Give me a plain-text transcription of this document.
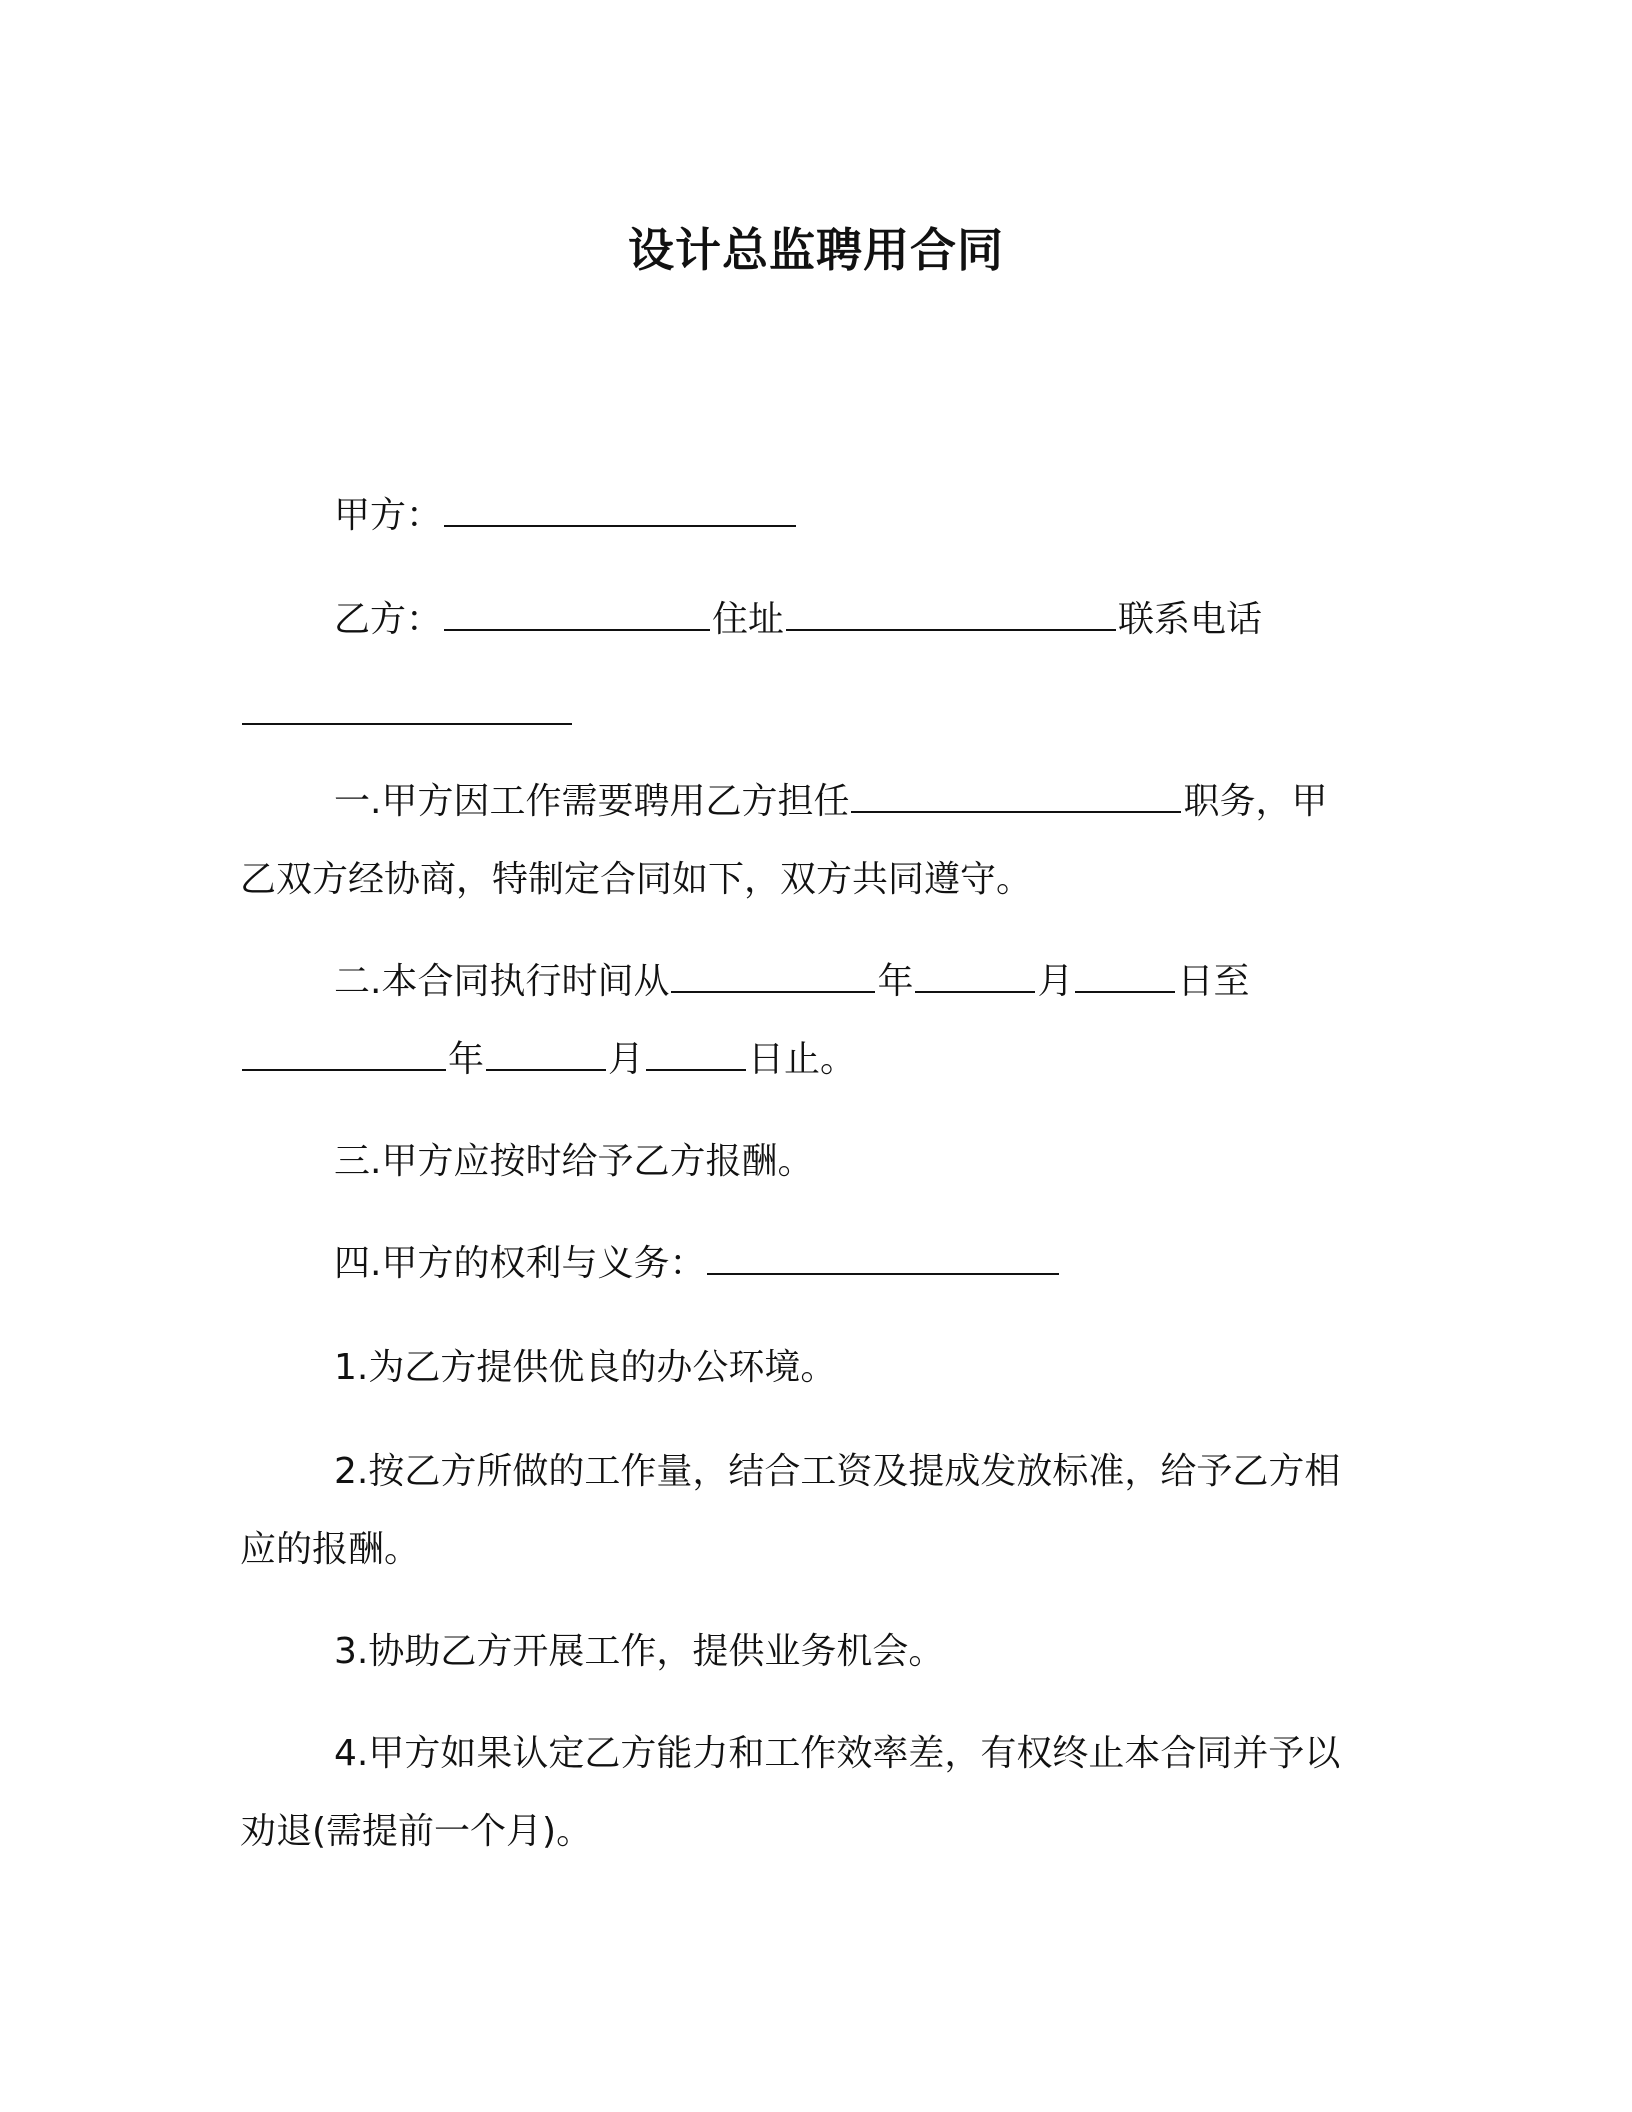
设计总监聘用合同
甲方：
乙方：	住址	联系电话
一.甲方因工作需要聘用乙方担任	职务，甲
乙双方经协商，特制定合同如下，双方共同遵守。
二.本合同执行时间从	年	月	日至
年	月	日止。
三.甲方应按时给予乙方报酬。
四.甲方的权利与义务：
1.为乙方提供优良的办公环境。
2.按乙方所做的工作量，结合工资及提成发放标准，给予乙方相
应的报酬。
3.协助乙方开展工作，提供业务机会。
4.甲方如果认定乙方能力和工作效率差，有权终止本合同并予以
劝退(需提前一个月)。
